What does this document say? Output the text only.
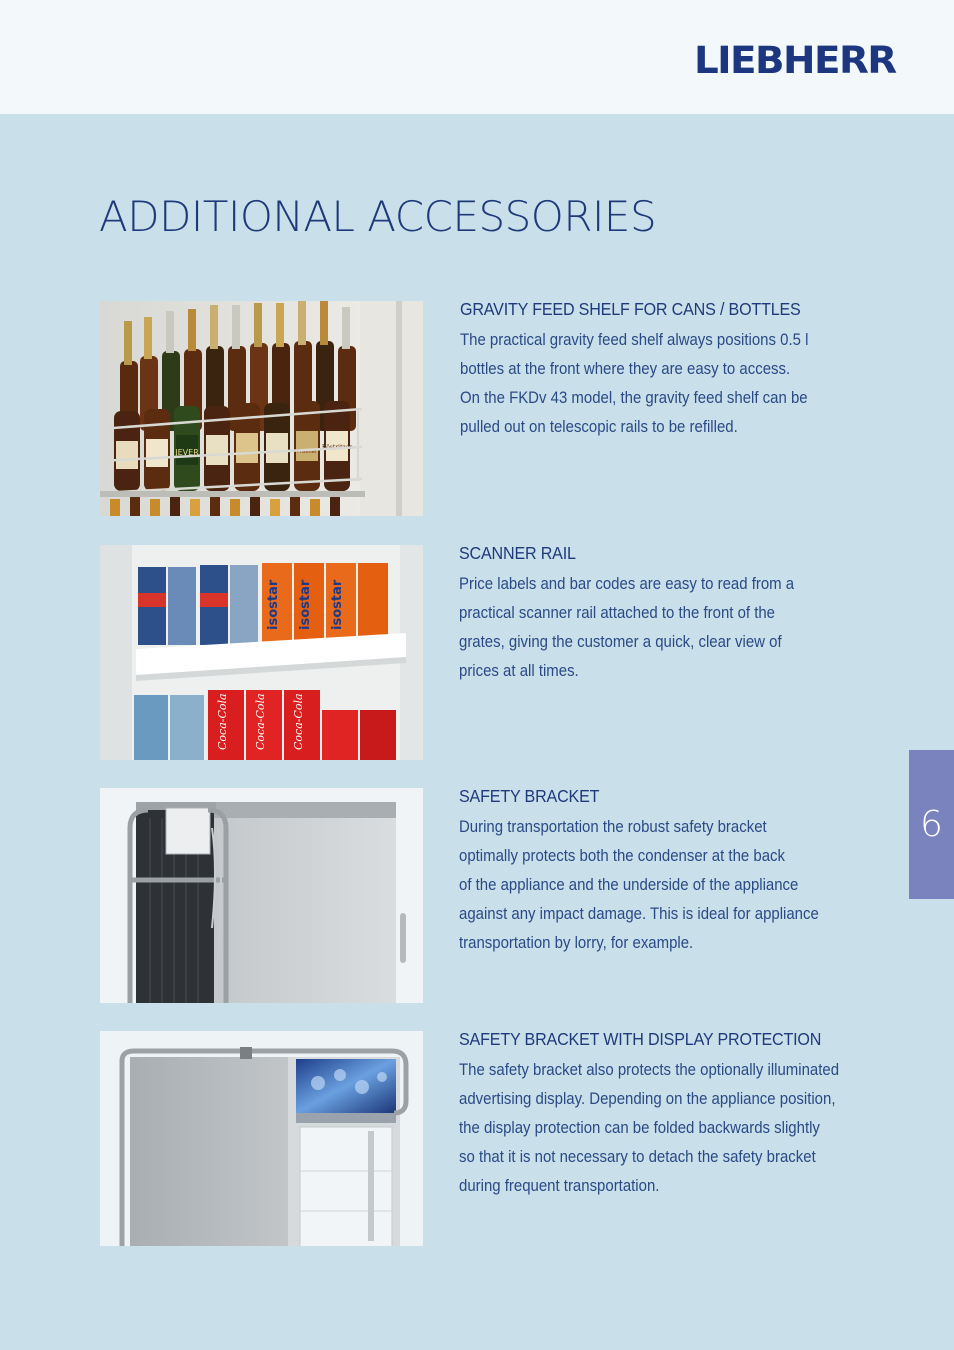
LIEBHERR
ADDITIONAL ACCESSORIES
6
JEVER
Köstritzer
Pilsener
GRAVITY FEED SHELF FOR CANS / BOTTLES

The practical gravity feed shelf always positions 0.5 l
bottles at the front where they are easy to access.
On the FKDv 43 model, the gravity feed shelf can be
pulled out on telescopic rails to be refilled.

isostar isostar isostar
Coca-Cola Coca-Cola Coca-Cola
SCANNER RAIL

Price labels and bar codes are easy to read from a
practical scanner rail attached to the front of the
grates, giving the customer a quick, clear view of
prices at all times.

SAFETY BRACKET

During transportation the robust safety bracket
optimally protects both the condenser at the back
of the appliance and the underside of the appliance
against any impact damage. This is ideal for appliance
transportation by lorry, for example.

SAFETY BRACKET WITH DISPLAY PROTECTION

The safety bracket also protects the optionally illuminated
advertising display. Depending on the appliance position,
the display protection can be folded backwards slightly
so that it is not necessary to detach the safety bracket
during frequent transportation.
